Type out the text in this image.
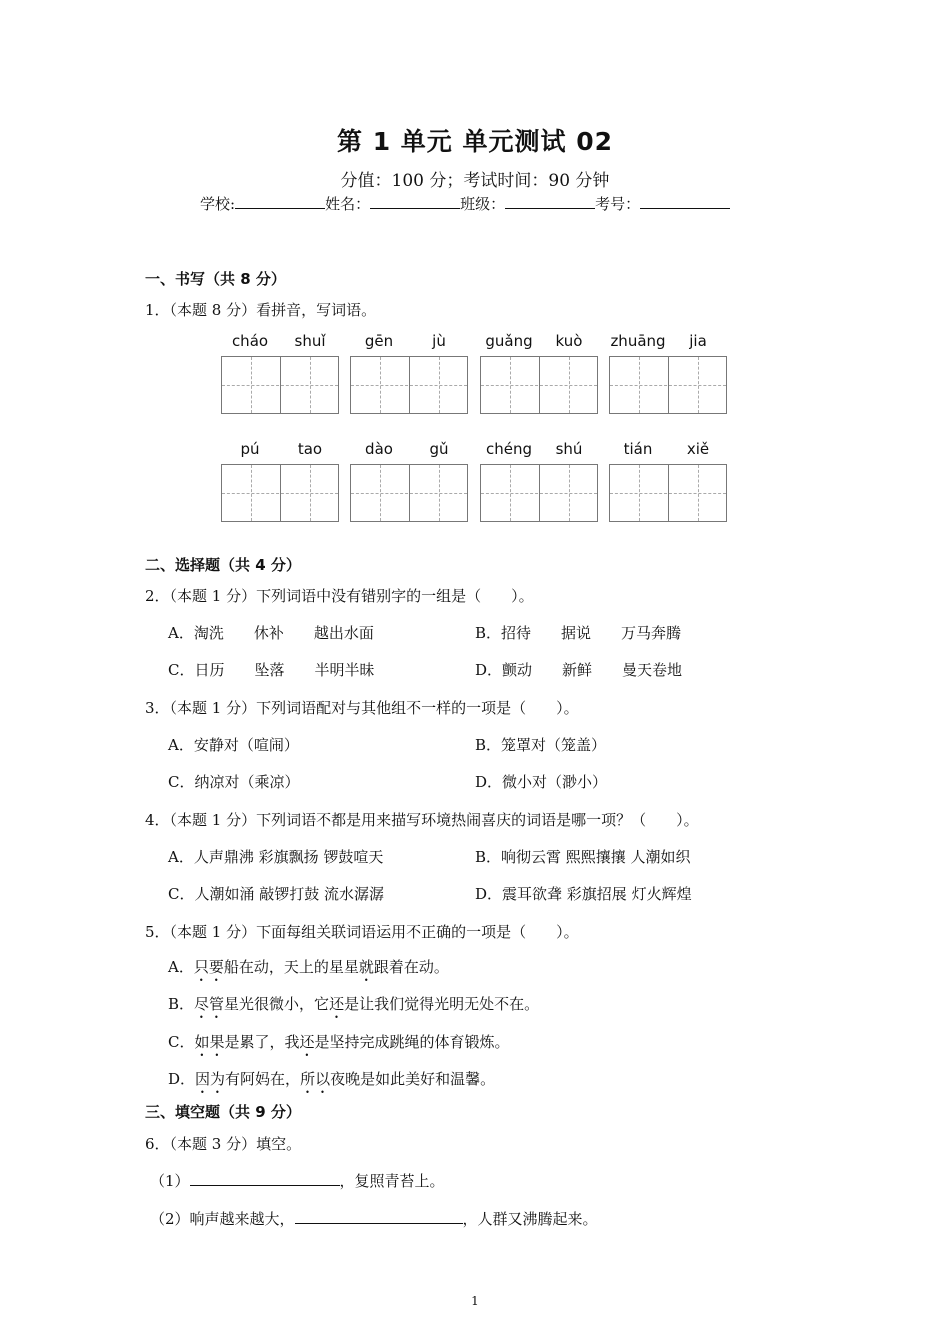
第 1 单元 单元测试 02
分值：100 分；考试时间：90 分钟
学校:	姓名：	班级：	考号：
一、书写（共 8 分）
1．（本题 8 分）看拼音，写词语。
cháo	shuǐ	gēn	jù	guǎng	kuò	zhuāng	jia
pú	tao	dào	gǔ	chéng	shú	tián	xiě
二、选择题（共 4 分）
2．（本题 1 分）下列词语中没有错别字的一组是（　　）。
A．淘洗　　休补　　越出水面	B．招待　　据说　　万马奔腾
C．日历　　坠落　　半明半昧	D．颤动　　新鲜　　曼天卷地
3．（本题 1 分）下列词语配对与其他组不一样的一项是（　　）。
A．安静对（喧闹）	B．笼罩对（笼盖）
C．纳凉对（乘凉）	D．微小对（渺小）
4．（本题 1 分）下列词语不都是用来描写环境热闹喜庆的词语是哪一项？（　　）。
A．人声鼎沸 彩旗飘扬 锣鼓喧天	B．响彻云霄 熙熙攘攘 人潮如织
C．人潮如涌 敲锣打鼓 流水潺潺	D．震耳欲聋 彩旗招展 灯火辉煌
5．（本题 1 分）下面每组关联词语运用不正确的一项是（　　）。
A．只要船在动，天上的星星就跟着在动。
B．尽管星光很微小，它还是让我们觉得光明无处不在。
C．如果是累了，我还是坚持完成跳绳的体育锻炼。
D．因为有阿妈在，所以夜晚是如此美好和温馨。
三、填空题（共 9 分）
6．（本题 3 分）填空。
（1）	，复照青苔上。
（2）响声越来越大，	，人群又沸腾起来。
1
